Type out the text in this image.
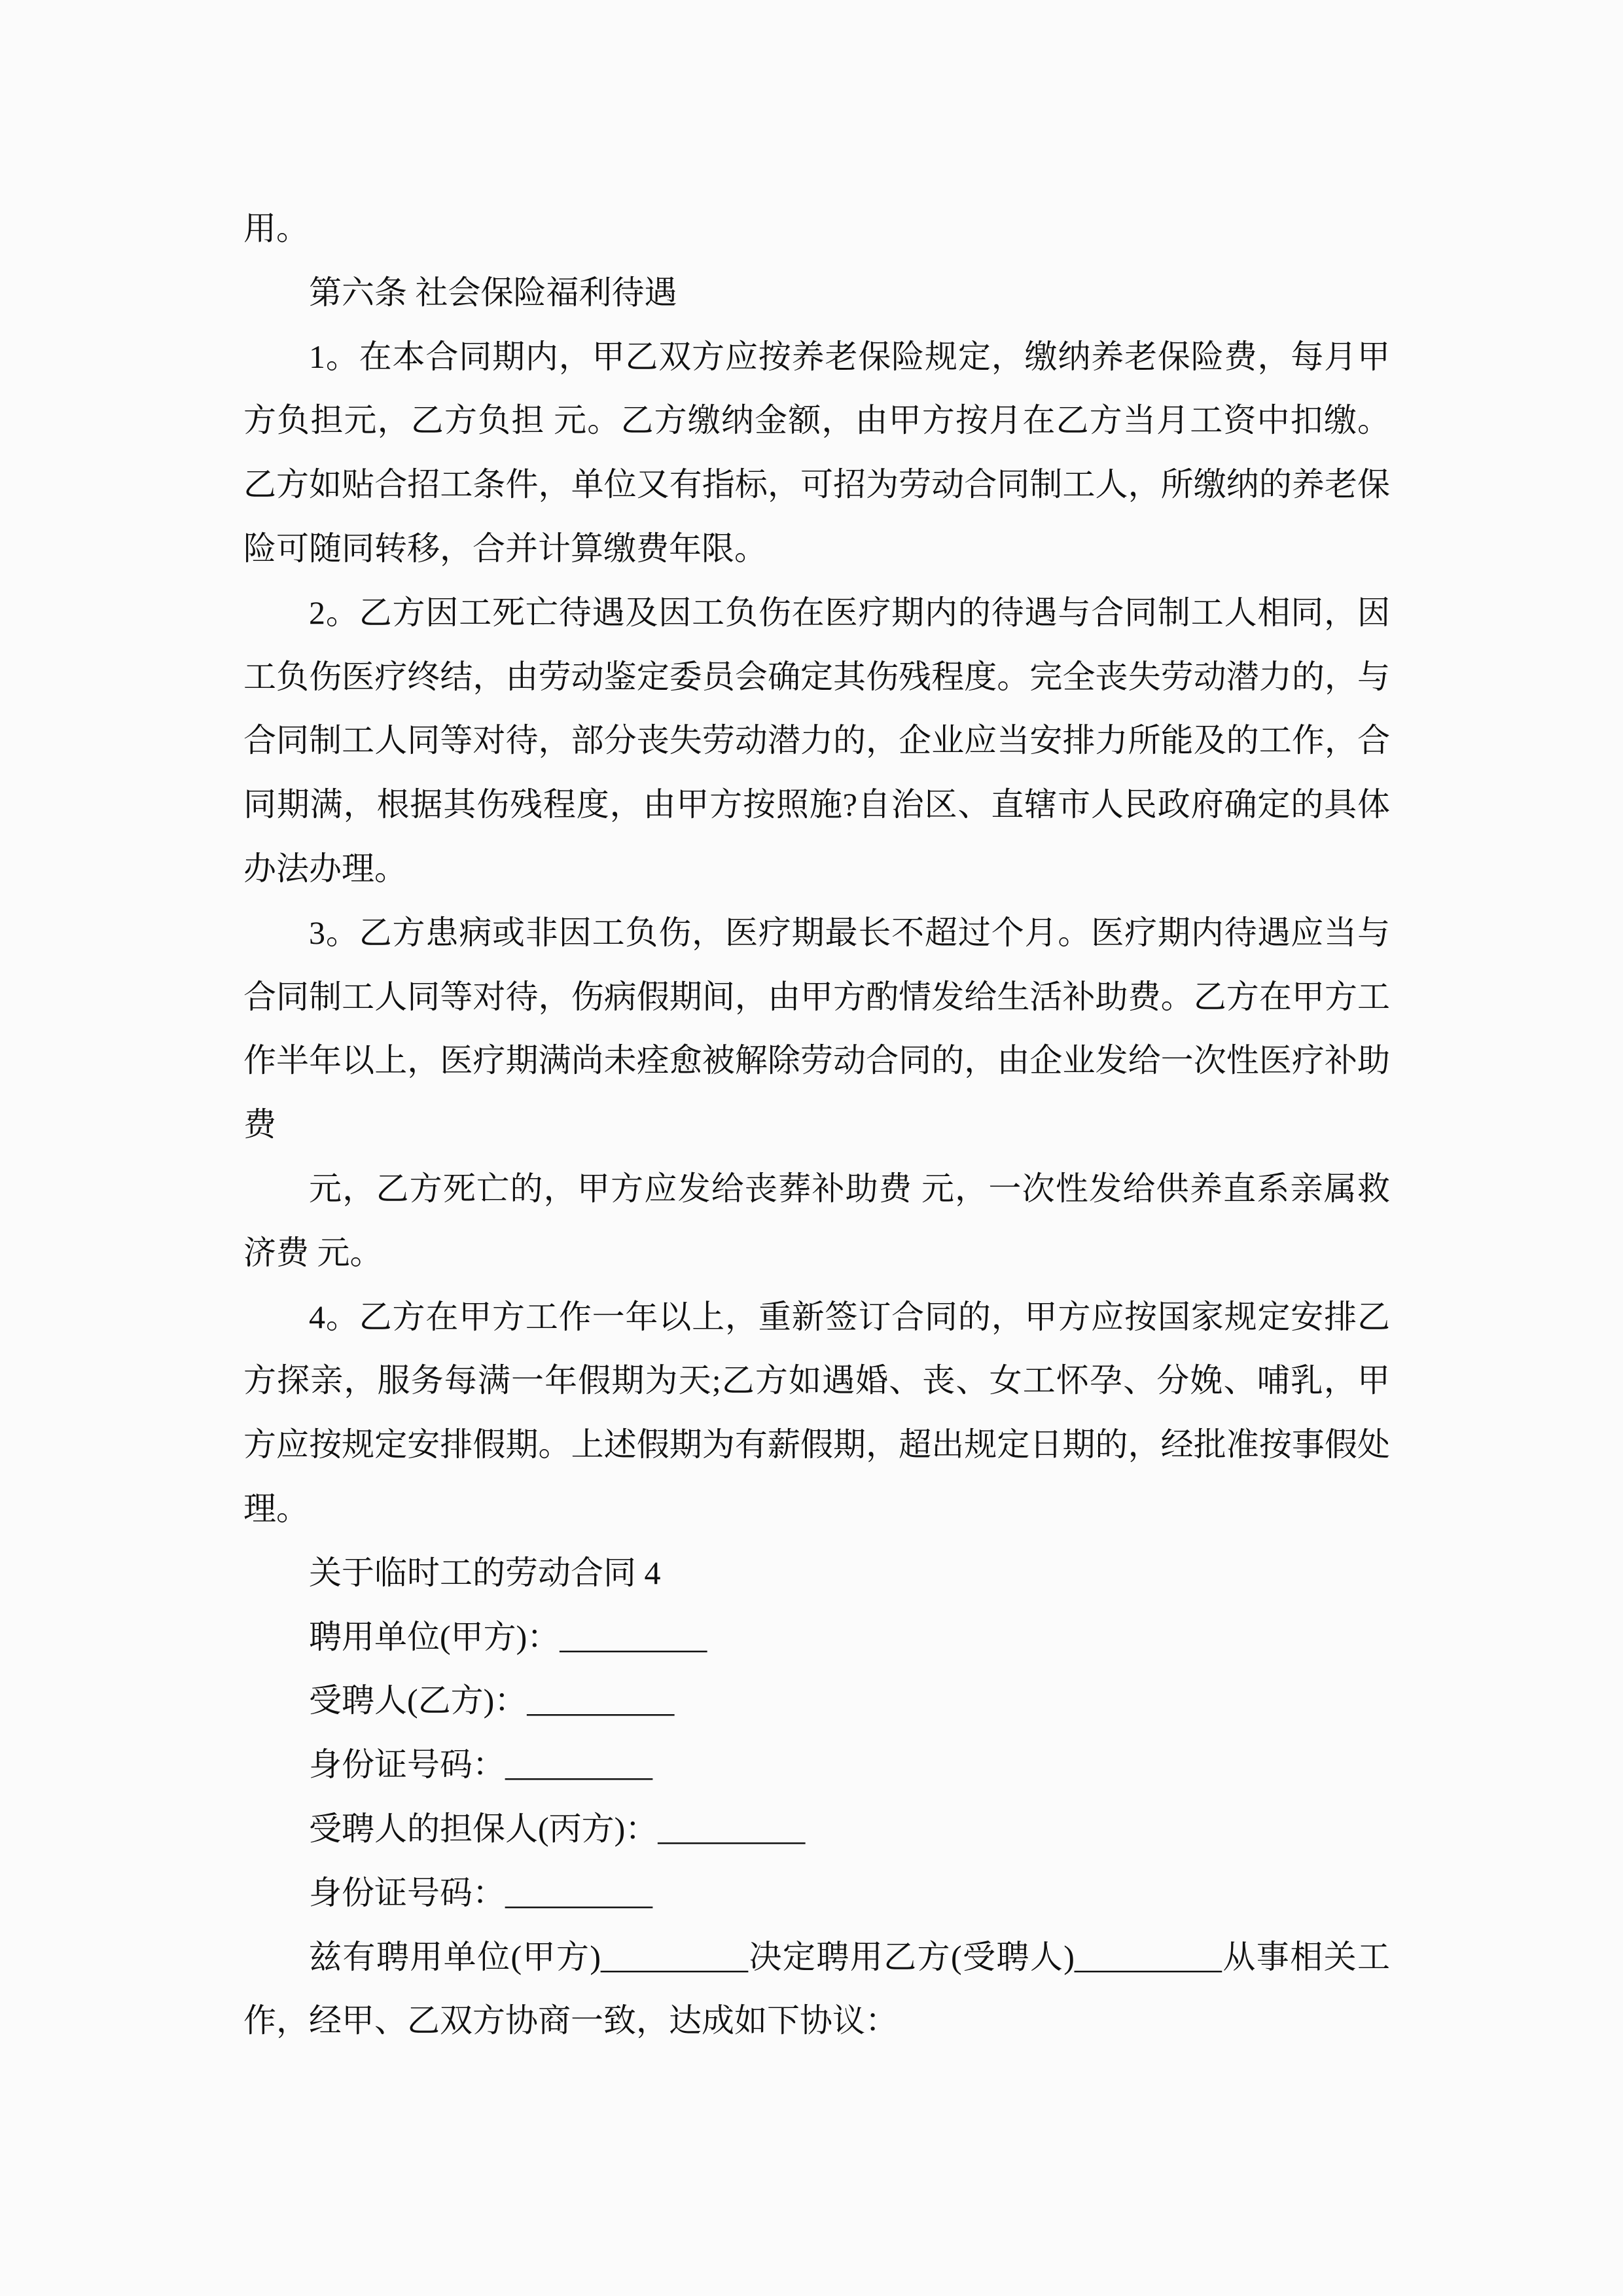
用。
第六条 社会保险福利待遇
1。在本合同期内，甲乙双方应按养老保险规定，缴纳养老保险费，每月甲
方负担元，乙方负担 元。乙方缴纳金额，由甲方按月在乙方当月工资中扣缴。
乙方如贴合招工条件，单位又有指标，可招为劳动合同制工人，所缴纳的养老保
险可随同转移，合并计算缴费年限。
2。乙方因工死亡待遇及因工负伤在医疗期内的待遇与合同制工人相同，因
工负伤医疗终结，由劳动鉴定委员会确定其伤残程度。完全丧失劳动潜力的，与
合同制工人同等对待，部分丧失劳动潜力的，企业应当安排力所能及的工作，合
同期满，根据其伤残程度，由甲方按照施?自治区、直辖市人民政府确定的具体
办法办理。
3。乙方患病或非因工负伤，医疗期最长不超过个月。医疗期内待遇应当与
合同制工人同等对待，伤病假期间，由甲方酌情发给生活补助费。乙方在甲方工
作半年以上，医疗期满尚未痊愈被解除劳动合同的，由企业发给一次性医疗补助
费
元，乙方死亡的，甲方应发给丧葬补助费 元，一次性发给供养直系亲属救
济费 元。
4。乙方在甲方工作一年以上，重新签订合同的，甲方应按国家规定安排乙
方探亲，服务每满一年假期为天;乙方如遇婚、丧、女工怀孕、分娩、哺乳，甲
方应按规定安排假期。上述假期为有薪假期，超出规定日期的，经批准按事假处
理。
关于临时工的劳动合同 4
聘用单位(甲方)：_________
受聘人(乙方)：_________
身份证号码：_________
受聘人的担保人(丙方)：_________
身份证号码：_________
兹有聘用单位(甲方)_________决定聘用乙方(受聘人)_________从事相关工
作，经甲、乙双方协商一致，达成如下协议：
